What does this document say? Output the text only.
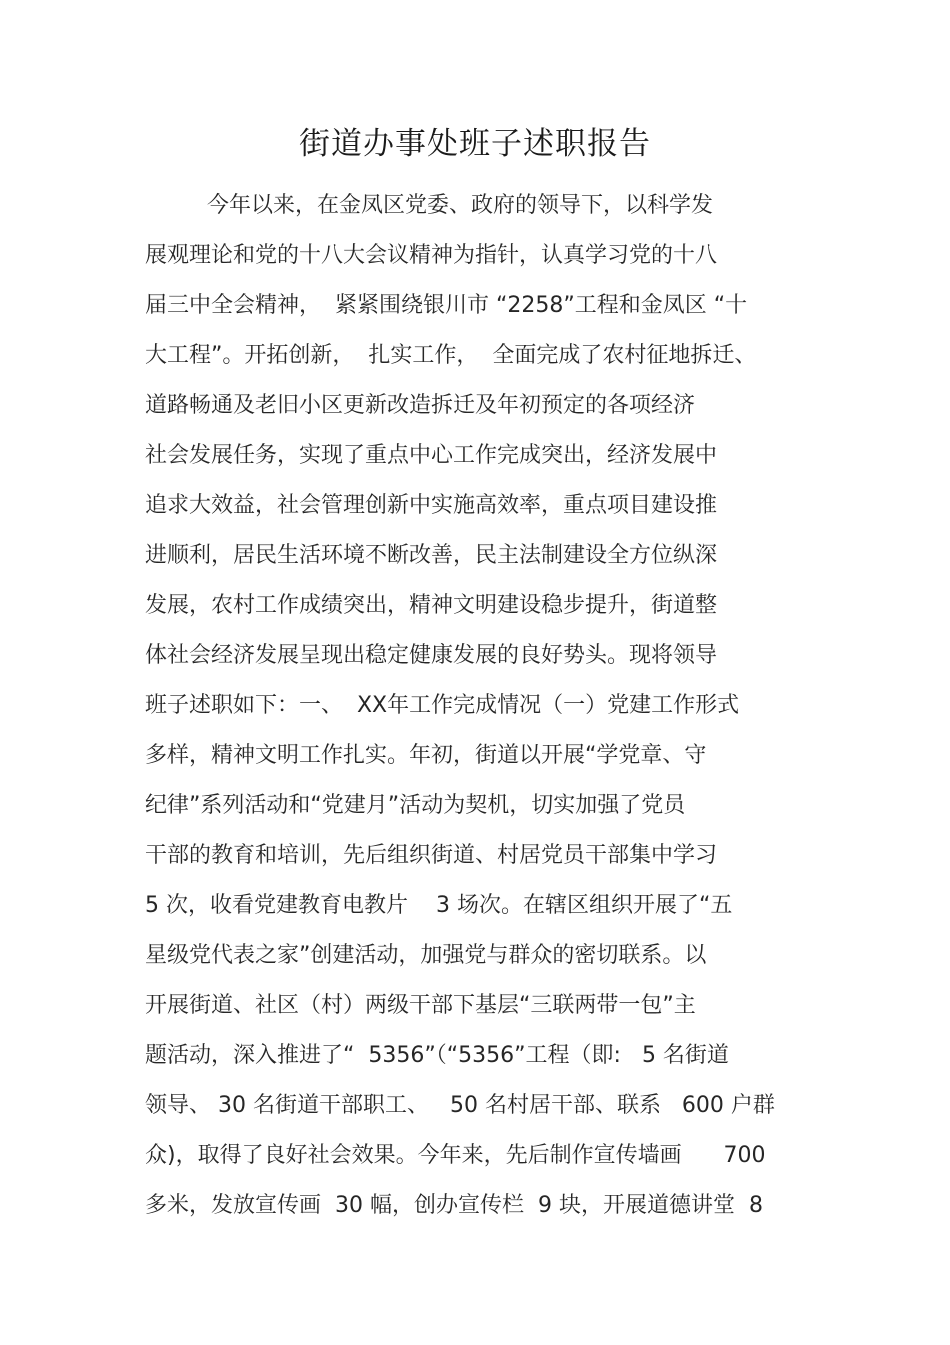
街道办事处班子述职报告
今年以来，在金凤区党委、政府的领导下，以科学发
展观理论和党的十八大会议精神为指针，认真学习党的十八
届三中全会精神，  紧紧围绕银川市 “2258”工程和金凤区 “十
大工程”。开拓创新，  扎实工作，  全面完成了农村征地拆迁、
道路畅通及老旧小区更新改造拆迁及年初预定的各项经济
社会发展任务，实现了重点中心工作完成突出，经济发展中
追求大效益，社会管理创新中实施高效率，重点项目建设推
进顺利，居民生活环境不断改善，民主法制建设全方位纵深
发展，农村工作成绩突出，精神文明建设稳步提升，街道整
体社会经济发展呈现出稳定健康发展的良好势头。现将领导
班子述职如下：一、  XX年工作完成情况（一）党建工作形式
多样，精神文明工作扎实。年初，街道以开展“学党章、守
纪律”系列活动和“党建月”活动为契机，切实加强了党员
干部的教育和培训，先后组织街道、村居党员干部集中学习
5 次，收看党建教育电教片    3 场次。在辖区组织开展了“五
星级党代表之家”创建活动，加强党与群众的密切联系。以
开展街道、社区（村）两级干部下基层“三联两带一包”主
题活动，深入推进了“  5356”（“5356”工程（即:   5 名街道
领导、 30 名街道干部职工、   50 名村居干部、联系   600 户群
众)，取得了良好社会效果。今年来，先后制作宣传墙画      700
多米，发放宣传画  30 幅，创办宣传栏  9 块，开展道德讲堂  8
